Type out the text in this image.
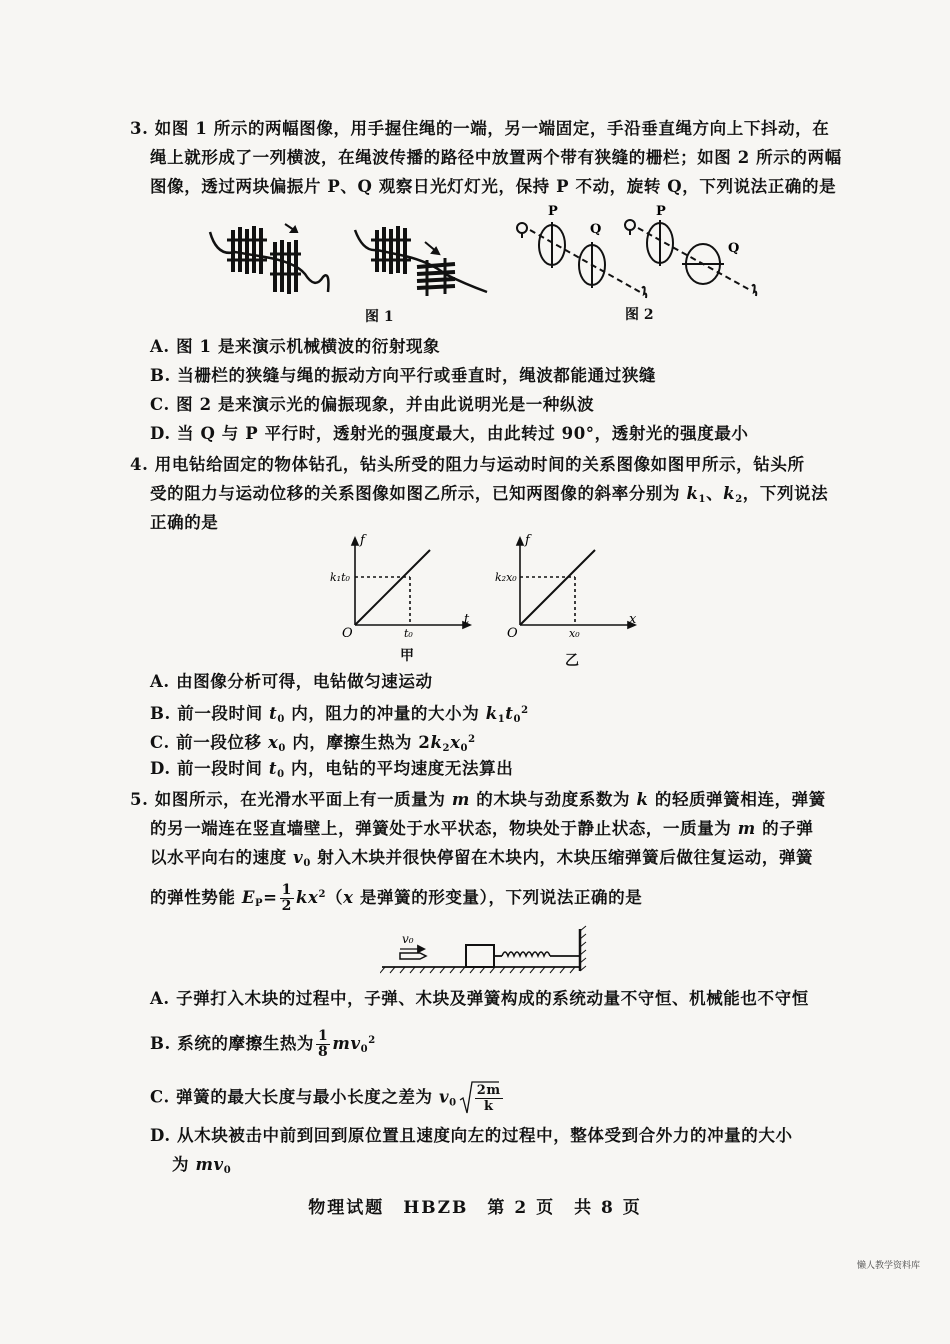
3. 如图 1 所示的两幅图像，用手握住绳的一端，另一端固定，手沿垂直绳方向上下抖动，在
绳上就形成了一列横波，在绳波传播的路径中放置两个带有狭缝的栅栏；如图 2 所示的两幅
图像，透过两块偏振片 P、Q 观察日光灯灯光，保持 P 不动，旋转 Q，下列说法正确的是
图 1
P
Q
P
Q
图 2
A. 图 1 是来演示机械横波的衍射现象
B. 当栅栏的狭缝与绳的振动方向平行或垂直时，绳波都能通过狭缝
C. 图 2 是来演示光的偏振现象，并由此说明光是一种纵波
D. 当 Q 与 P 平行时，透射光的强度最大，由此转过 90°，透射光的强度最小
4. 用电钻给固定的物体钻孔，钻头所受的阻力与运动时间的关系图像如图甲所示，钻头所
受的阻力与运动位移的关系图像如图乙所示，已知两图像的斜率分别为 $k_1$、$k_2$，下列说法
正确的是
f
t
O
k₁t₀
t₀
甲
f
x
O
k₂x₀
x₀
乙
A. 由图像分析可得，电钻做匀速运动
B. 前一段时间 $t_0$ 内，阻力的冲量的大小为 $k_1t_0^2$
C. 前一段位移 $x_0$ 内，摩擦生热为 $2k_2x_0^2$
D. 前一段时间 $t_0$ 内，电钻的平均速度无法算出
5. 如图所示，在光滑水平面上有一质量为 m 的木块与劲度系数为 k 的轻质弹簧相连，弹簧
的另一端连在竖直墙壁上，弹簧处于水平状态，物块处于静止状态，一质量为 m 的子弹
以水平向右的速度 $v_0$ 射入木块并很快停留在木块内，木块压缩弹簧后做往复运动，弹簧
的弹性势能 $E_P= \frac{1}{2} kx^2(x$ 是弹簧的形变量），下列说法正确的是
v₀
A. 子弹打入木块的过程中，子弹、木块及弹簧构成的系统动量不守恒、机械能也不守恒
B. 系统的摩擦生热为 $\frac{1}{8} mv_0^2$
C. 弹簧的最大长度与最小长度之差为 $v_0 \frac{2m}{k}$
D. 从木块被击中前到回到原位置且速度向左的过程中，整体受到合外力的冲量的大小
为 $mv_0$
物理试题　HBZB　第 2 页　共 8 页
懒人教学资料库
